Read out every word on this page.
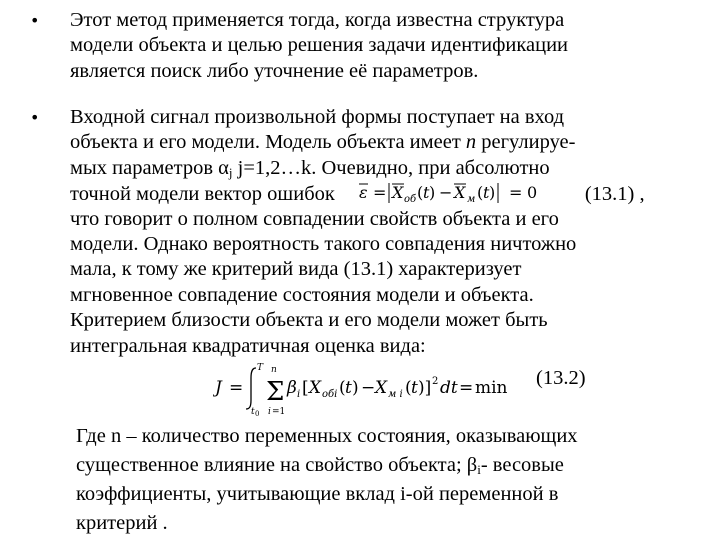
• Этот метод применяется тогда, когда известна структура
модели объекта и целью решения задачи идентификации
является поиск либо уточнение её параметров.
• Входной сигнал произвольной формы поступает на вход
объекта и его модели. Модель объекта имеет n регулируе-
мых параметров $\alpha_j$ j=1,2…k. Очевидно, при абсолютно
точной модели вектор ошибок ε = X об ( t ) − X м ( t ) = 0 (13.1) ,
что говорит о полном совпадении свойств объекта и его
модели. Однако вероятность такого совпадения ничтожно
мала, к тому же критерий вида (13.1) характеризует
мгновенное совпадение состояния модели и объекта.
Критерием близости объекта и его модели может быть
интегральная квадратичная оценка вида:
J =
T
t 0
Σ
n
i =1
β i [ X обi ( t ) − X м i ( t )] 2 dt = min (13.2)
Где n – количество переменных состояния, оказывающих
существенное влияние на свойство объекта; $\beta_i-$ весовые
коэффициенты, учитывающие вклад i-ой переменной в
критерий .
